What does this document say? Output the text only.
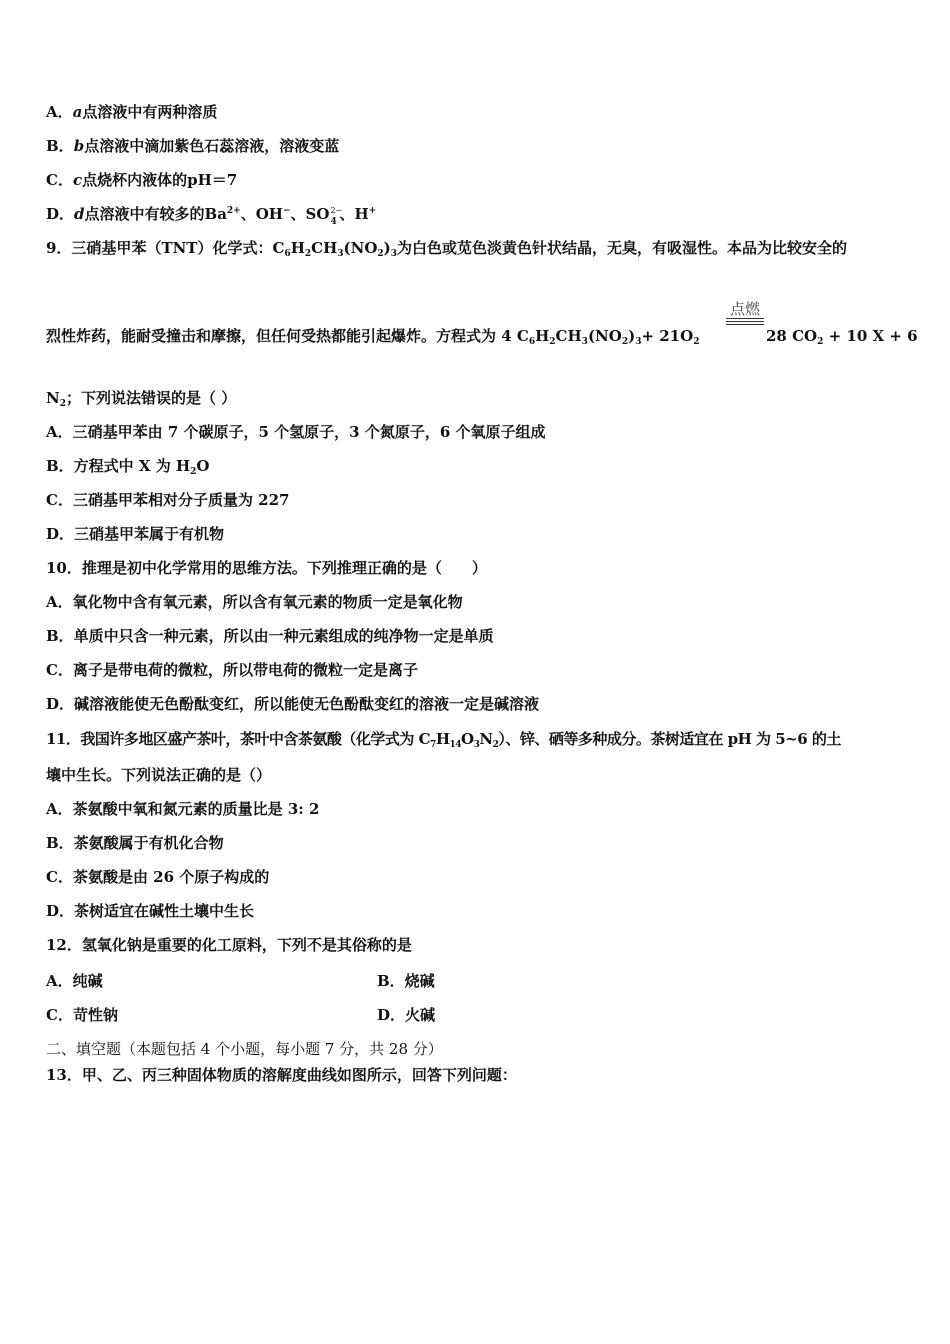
A．a点溶液中有两种溶质
B．b点溶液中滴加紫色石蕊溶液，溶液变蓝
C．c点烧杯内液体的pH＝7
D．d点溶液中有较多的$Ba^{2+}$、OH−、SO 2−
4 、H+
9．三硝基甲苯（TNT）化学式：$C_6H_2CH_3(NO_2)_3$为白色或苋色淡黄色针状结晶，无臭，有吸湿性。本品为比较安全的
点燃
烈性炸药，能耐受撞击和摩擦，但任何受热都能引起爆炸。方程式为 4 $C_6H_2CH_3(NO_2)_3+ 21O_2$	28 $CO_2 + 10$ X + 6
$N_2$；下列说法错误的是（ ）
A．三硝基甲苯由 7 个碳原子，5 个氢原子，3 个氮原子，6 个氧原子组成
B．方程式中 X 为 $H_2O$
C．三硝基甲苯相对分子质量为 227
D．三硝基甲苯属于有机物
10．推理是初中化学常用的思维方法。下列推理正确的是（　　）
A．氧化物中含有氧元素，所以含有氧元素的物质一定是氧化物
B．单质中只含一种元素，所以由一种元素组成的纯净物一定是单质
C．离子是带电荷的微粒，所以带电荷的微粒一定是离子
D．碱溶液能使无色酚酞变红，所以能使无色酚酞变红的溶液一定是碱溶液
11．我国许多地区盛产茶叶，茶叶中含茶氨酸（化学式为 $C_7H_{14}O_3N_2$）、锌、硒等多种成分。茶树适宜在 pH 为 5~6 的土
壤中生长。下列说法正确的是（）
A．茶氨酸中氧和氮元素的质量比是 3: 2
B．茶氨酸属于有机化合物
C．茶氨酸是由 26 个原子构成的
D．茶树适宜在碱性土壤中生长
12．氢氧化钠是重要的化工原料，下列不是其俗称的是
A．纯碱	B．烧碱
C．苛性钠	D．火碱
二、填空题（本题包括 4 个小题，每小题 7 分，共 28 分）
13．甲、乙、丙三种固体物质的溶解度曲线如图所示，回答下列问题：
